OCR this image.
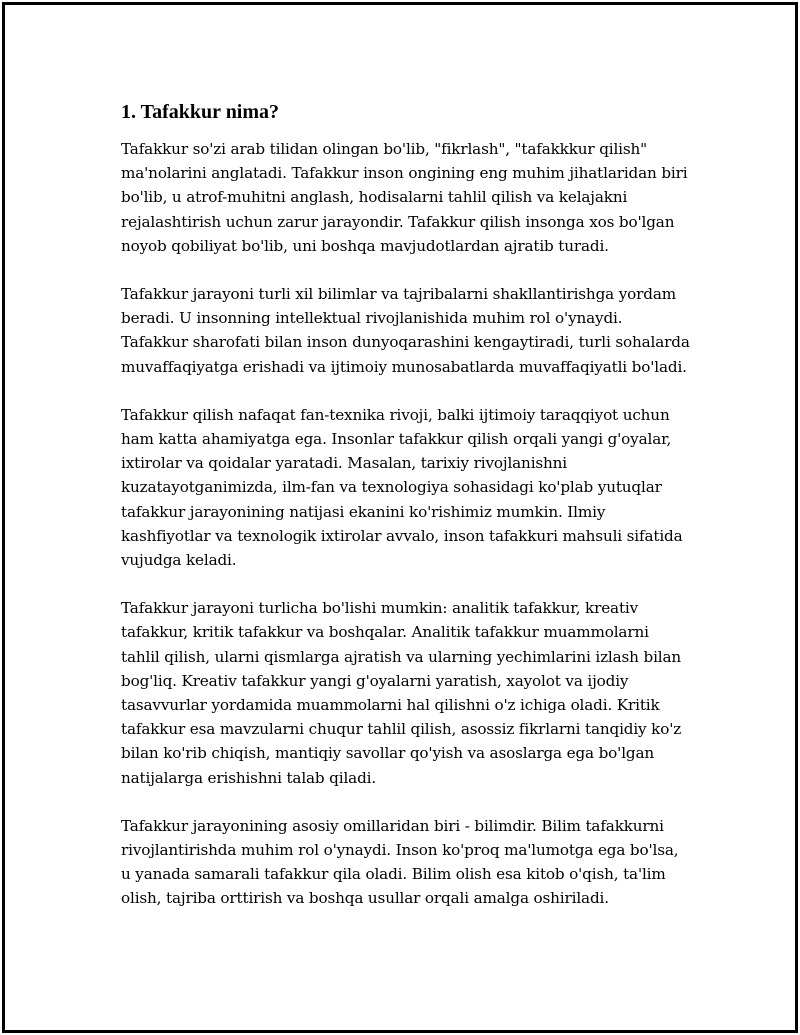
1. Tafakkur nima?

Tafakkur so'zi arab tilidan olingan bo'lib, "fikrlash", "tafakkkur qilish" ma'nolarini anglatadi. Tafakkur inson ongining eng muhim jihatlaridan biri bo'lib, u atrof-muhitni anglash, hodisalarni tahlil qilish va kelajakni rejalashtirish uchun zarur jarayondir. Tafakkur qilish insonga xos bo'lgan noyob qobiliyat bo'lib, uni boshqa mavjudotlardan ajratib turadi.

Tafakkur jarayoni turli xil bilimlar va tajribalarni shakllantirishga yordam beradi. U insonning intellektual rivojlanishida muhim rol o'ynaydi. Tafakkur sharofati bilan inson dunyoqarashini kengaytiradi, turli sohalarda muvaffaqiyatga erishadi va ijtimoiy munosabatlarda muvaffaqiyatli bo'ladi.

Tafakkur qilish nafaqat fan-texnika rivoji, balki ijtimoiy taraqqiyot uchun ham katta ahamiyatga ega. Insonlar tafakkur qilish orqali yangi g'oyalar, ixtirolar va qoidalar yaratadi. Masalan, tarixiy rivojlanishni kuzatayotganimizda, ilm-fan va texnologiya sohasidagi ko'plab yutuqlar tafakkur jarayonining natijasi ekanini ko'rishimiz mumkin. Ilmiy kashfiyotlar va texnologik ixtirolar avvalo, inson tafakkuri mahsuli sifatida vujudga keladi.

Tafakkur jarayoni turlicha bo'lishi mumkin: analitik tafakkur, kreativ tafakkur, kritik tafakkur va boshqalar. Analitik tafakkur muammolarni tahlil qilish, ularni qismlarga ajratish va ularning yechimlarini izlash bilan bog'liq. Kreativ tafakkur yangi g'oyalarni yaratish, xayolot va ijodiy tasavvurlar yordamida muammolarni hal qilishni o'z ichiga oladi. Kritik tafakkur esa mavzularni chuqur tahlil qilish, asossiz fikrlarni tanqidiy ko'z bilan ko'rib chiqish, mantiqiy savollar qo'yish va asoslarga ega bo'lgan natijalarga erishishni talab qiladi.

Tafakkur jarayonining asosiy omillaridan biri - bilimdir. Bilim tafakkurni rivojlantirishda muhim rol o'ynaydi. Inson ko'proq ma'lumotga ega bo'lsa, u yanada samarali tafakkur qila oladi. Bilim olish esa kitob o'qish, ta'lim olish, tajriba orttirish va boshqa usullar orqali amalga oshiriladi.
